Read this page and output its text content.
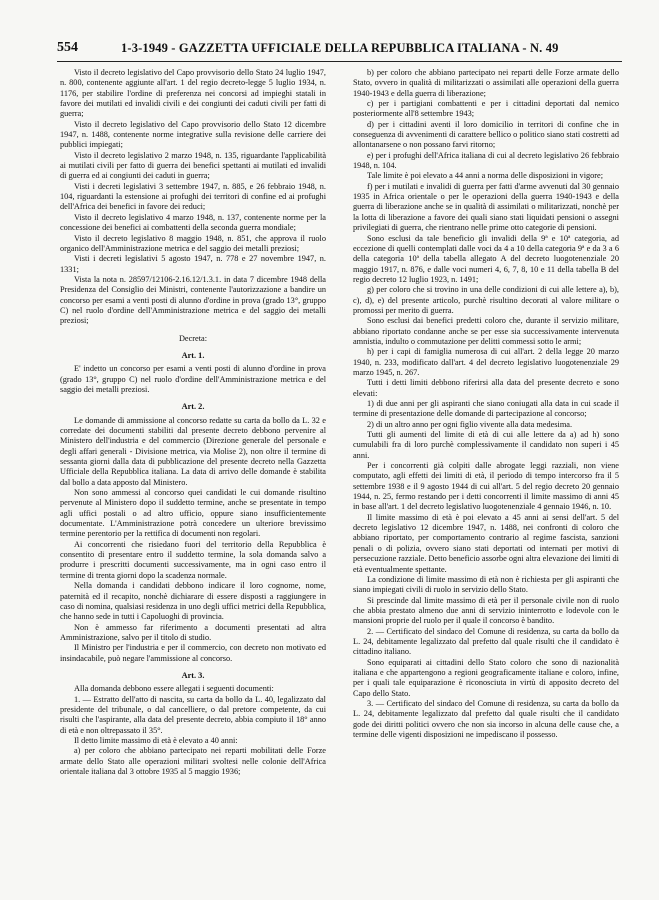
554	1-3-1949 - GAZZETTA UFFICIALE DELLA REPUBBLICA ITALIANA - N. 49

Visto il decreto legislativo del Capo provvisorio dello Stato 24 luglio 1947, n. 800, contenente aggiunte all'art. 1 del regio decreto-legge 5 luglio 1934, n. 1176, per stabilire l'ordine di preferenza nei concorsi ad impieghi statali in favore dei mutilati ed invalidi civili e dei congiunti dei caduti civili per fatti di guerra;

Visto il decreto legislativo del Capo provvisorio dello Stato 12 dicembre 1947, n. 1488, contenente norme integrative sulla revisione delle carriere dei pubblici impiegati;

Visto il decreto legislativo 2 marzo 1948, n. 135, riguardante l'applicabilità ai mutilati civili per fatto di guerra dei benefici spettanti ai mutilati ed invalidi di guerra ed ai congiunti dei caduti in guerra;

Visti i decreti legislativi 3 settembre 1947, n. 885, e 26 febbraio 1948, n. 104, riguardanti la estensione ai profughi dei territori di confine ed ai profughi dell'Africa dei benefici in favore dei reduci;

Visto il decreto legislativo 4 marzo 1948, n. 137, contenente norme per la concessione dei benefici ai combattenti della seconda guerra mondiale;

Visto il decreto legislativo 8 maggio 1948, n. 851, che approva il ruolo organico dell'Amministrazione metrica e del saggio dei metalli preziosi;

Visti i decreti legislativi 5 agosto 1947, n. 778 e 27 novembre 1947, n. 1331;

Vista la nota n. 28597/12106-2.16.12/1.3.1. in data 7 dicembre 1948 della Presidenza del Consiglio dei Ministri, contenente l'autorizzazione a bandire un concorso per esami a venti posti di alunno d'ordine in prova (grado 13°, gruppo C) nel ruolo d'ordine dell'Amministrazione metrica e del saggio dei metalli preziosi;

Decreta:

Art. 1.

E' indetto un concorso per esami a venti posti di alunno d'ordine in prova (grado 13°, gruppo C) nel ruolo d'ordine dell'Amministrazione metrica e del saggio dei metalli preziosi.

Art. 2.

Le domande di ammissione al concorso redatte su carta da bollo da L. 32 e corredate dei documenti stabiliti dal presente decreto debbono pervenire al Ministero dell'industria e del commercio (Direzione generale del personale e degli affari generali - Divisione metrica, via Molise 2), non oltre il termine di sessanta giorni dalla data di pubblicazione del presente decreto nella Gazzetta Ufficiale della Repubblica italiana. La data di arrivo delle domande è stabilita dal bollo a data apposto dal Ministero.

Non sono ammessi al concorso quei candidati le cui domande risultino pervenute al Ministero dopo il suddetto termine, anche se presentate in tempo agli uffici postali o ad altro ufficio, oppure siano insufficientemente documentate. L'Amministrazione potrà concedere un ulteriore brevissimo termine perentorio per la rettifica di documenti non regolari.

Ai concorrenti che risiedano fuori del territorio della Repubblica è consentito di presentare entro il suddetto termine, la sola domanda salvo a produrre i prescritti documenti successivamente, ma in ogni caso entro il termine di trenta giorni dopo la scadenza normale.

Nella domanda i candidati debbono indicare il loro cognome, nome, paternità ed il recapito, nonchè dichiarare di essere disposti a raggiungere in caso di nomina, qualsiasi residenza in uno degli uffici metrici della Repubblica, che hanno sede in tutti i Capoluoghi di provincia.

Non è ammesso far riferimento a documenti presentati ad altra Amministrazione, salvo per il titolo di studio.

Il Ministro per l'industria e per il commercio, con decreto non motivato ed insindacabile, può negare l'ammissione al concorso.

Art. 3.

Alla domanda debbono essere allegati i seguenti documenti:

1. — Estratto dell'atto di nascita, su carta da bollo da L. 40, legalizzato dal presidente del tribunale, o dal cancelliere, o dal pretore competente, da cui risulti che l'aspirante, alla data del presente decreto, abbia compiuto il 18° anno di età e non oltrepassato il 35°.

Il detto limite massimo di età è elevato a 40 anni:

a) per coloro che abbiano partecipato nei reparti mobilitati delle Forze armate dello Stato alle operazioni militari svoltesi nelle colonie dell'Africa orientale italiana dal 3 ottobre 1935 al 5 maggio 1936;

b) per coloro che abbiano partecipato nei reparti delle Forze armate dello Stato, ovvero in qualità di militarizzati o assimilati alle operazioni della guerra 1940-1943 e della guerra di liberazione;

c) per i partigiani combattenti e per i cittadini deportati dal nemico posteriormente all'8 settembre 1943;

d) per i cittadini aventi il loro domicilio in territori di confine che in conseguenza di avvenimenti di carattere bellico o politico siano stati costretti ad allontanarsene o non possano farvi ritorno;

e) per i profughi dell'Africa italiana di cui al decreto legislativo 26 febbraio 1948, n. 104.

Tale limite è poi elevato a 44 anni a norma delle disposizioni in vigore;

f) per i mutilati e invalidi di guerra per fatti d'arme avvenuti dal 30 gennaio 1935 in Africa orientale o per le operazioni della guerra 1940-1943 e della guerra di liberazione anche se in qualità di assimilati o militarizzati, nonchè per la lotta di liberazione a favore dei quali siano stati liquidati pensioni o assegni privilegiati di guerra, che rientrano nelle prime otto categorie di pensioni.

Sono esclusi da tale beneficio gli invalidi della 9ª e 10ª categoria, ad eccezione di quelli contemplati dalle voci da 4 a 10 della categoria 9ª e da 3 a 6 della categoria 10ª della tabella allegato A del decreto luogotenenziale 20 maggio 1917, n. 876, e dalle voci numeri 4, 6, 7, 8, 10 e 11 della tabella B del regio decreto 12 luglio 1923, n. 1491;

g) per coloro che si trovino in una delle condizioni di cui alle lettere a), b), c), d), e) del presente articolo, purchè risultino decorati al valore militare o promossi per merito di guerra.

Sono esclusi dai benefici predetti coloro che, durante il servizio militare, abbiano riportato condanne anche se per esse sia successivamente intervenuta amnistia, indulto o commutazione per delitti commessi sotto le armi;

h) per i capi di famiglia numerosa di cui all'art. 2 della legge 20 marzo 1940, n. 233, modificato dall'art. 4 del decreto legislativo luogotenenziale 29 marzo 1945, n. 267.

Tutti i detti limiti debbono riferirsi alla data del presente decreto e sono elevati:

1) di due anni per gli aspiranti che siano coniugati alla data in cui scade il termine di presentazione delle domande di partecipazione al concorso;

2) di un altro anno per ogni figlio vivente alla data medesima.

Tutti gli aumenti del limite di età di cui alle lettere da a) ad h) sono cumulabili fra di loro purchè complessivamente il candidato non superi i 45 anni.

Per i concorrenti già colpiti dalle abrogate leggi razziali, non viene computato, agli effetti dei limiti di età, il periodo di tempo intercorso fra il 5 settembre 1938 e il 9 agosto 1944 di cui all'art. 5 del regio decreto 20 gennaio 1944, n. 25, fermo restando per i detti concorrenti il limite massimo di anni 45 in base all'art. 1 del decreto legislativo luogotenenziale 4 gennaio 1946, n. 10.

Il limite massimo di età è poi elevato a 45 anni ai sensi dell'art. 5 del decreto legislativo 12 dicembre 1947, n. 1488, nei confronti di coloro che abbiano riportato, per comportamento contrario al regime fascista, sanzioni penali o di polizia, ovvero siano stati deportati od internati per motivi di persecuzione razziale. Detto beneficio assorbe ogni altra elevazione dei limiti di età eventualmente spettante.

La condizione di limite massimo di età non è richiesta per gli aspiranti che siano impiegati civili di ruolo in servizio dello Stato.

Si prescinde dal limite massimo di età per il personale civile non di ruolo che abbia prestato almeno due anni di servizio ininterrotto e lodevole con le mansioni proprie del ruolo per il quale il concorso è bandito.

2. — Certificato del sindaco del Comune di residenza, su carta da bollo da L. 24, debitamente legalizzato dal prefetto dal quale risulti che il candidato è cittadino italiano.

Sono equiparati ai cittadini dello Stato coloro che sono di nazionalità italiana e che appartengono a regioni geograficamente italiane e coloro, infine, per i quali tale equiparazione è riconosciuta in virtù di apposito decreto del Capo dello Stato.

3. — Certificato del sindaco del Comune di residenza, su carta da bollo da L. 24, debitamente legalizzato dal prefetto dal quale risulti che il candidato gode dei diritti politici ovvero che non sia incorso in alcuna delle cause che, a termine delle vigenti disposizioni ne impediscano il possesso.
